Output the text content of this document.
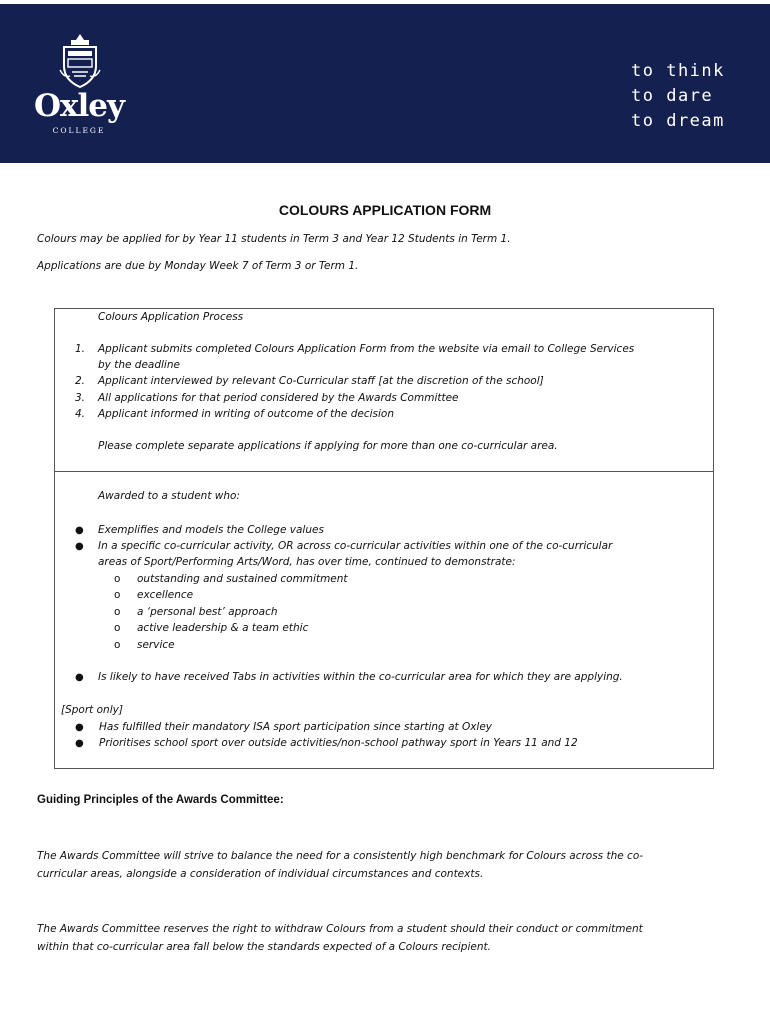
Oxley
COLLEGE
to think
to dare
to dream
COLOURS APPLICATION FORM
Colours may be applied for by Year 11 students in Term 3 and Year 12 Students in Term 1.
Applications are due by Monday Week 7 of Term 3 or Term 1.
Colours Application Process
1. Applicant submits completed Colours Application Form from the website via email to College Services
by the deadline
2. Applicant interviewed by relevant Co-Curricular staff [at the discretion of the school]
3. All applications for that period considered by the Awards Committee
4. Applicant informed in writing of outcome of the decision
Please complete separate applications if applying for more than one co-curricular area.
Awarded to a student who:
● Exemplifies and models the College values
● In a specific co-curricular activity, OR across co-curricular activities within one of the co-curricular
areas of Sport/Performing Arts/Word, has over time, continued to demonstrate:
o outstanding and sustained commitment
o excellence
o a ‘personal best’ approach
o active leadership & a team ethic
o service
● Is likely to have received Tabs in activities within the co-curricular area for which they are applying.
[Sport only]
● Has fulfilled their mandatory ISA sport participation since starting at Oxley
● Prioritises school sport over outside activities/non-school pathway sport in Years 11 and 12
Guiding Principles of the Awards Committee:
The Awards Committee will strive to balance the need for a consistently high benchmark for Colours across the co-
curricular areas, alongside a consideration of individual circumstances and contexts.
The Awards Committee reserves the right to withdraw Colours from a student should their conduct or commitment
within that co-curricular area fall below the standards expected of a Colours recipient.
